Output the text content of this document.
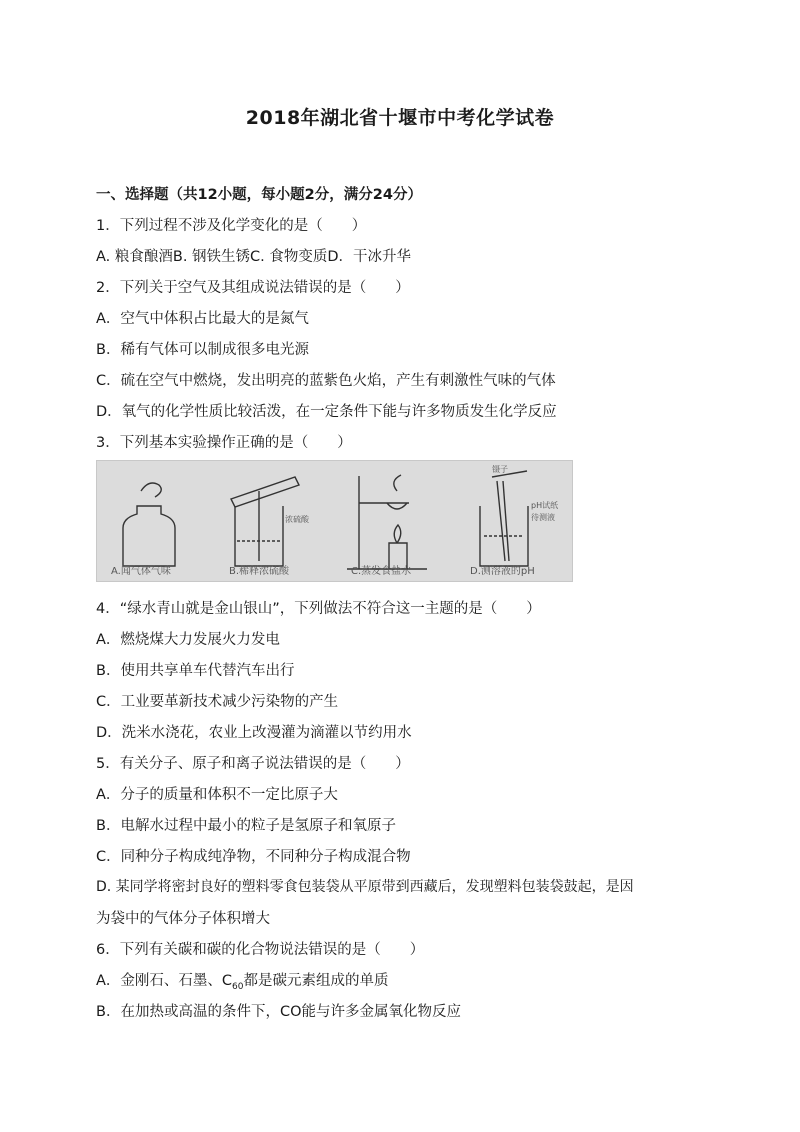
2018年湖北省十堰市中考化学试卷
一、选择题（共12小题，每小题2分，满分24分）
1．下列过程不涉及化学变化的是（　　）
A. 粮食酿酒B. 钢铁生锈C. 食物变质D．干冰升华
2．下列关于空气及其组成说法错误的是（　　）
A．空气中体积占比最大的是氮气
B．稀有气体可以制成很多电光源
C．硫在空气中燃烧，发出明亮的蓝紫色火焰，产生有刺激性气味的气体
D．氧气的化学性质比较活泼，在一定条件下能与许多物质发生化学反应
3．下列基本实验操作正确的是（　　）
A.闻气体气味	B.稀释浓硫酸	C.蒸发食盐水	D.测溶液的pH
浓硫酸
镊子
pH试纸
待测液
4．“绿水青山就是金山银山”，下列做法不符合这一主题的是（　　）
A．燃烧煤大力发展火力发电
B．使用共享单车代替汽车出行
C．工业要革新技术减少污染物的产生
D．洗米水浇花，农业上改漫灌为滴灌以节约用水
5．有关分子、原子和离子说法错误的是（　　）
A．分子的质量和体积不一定比原子大
B．电解水过程中最小的粒子是氢原子和氧原子
C．同种分子构成纯净物，不同种分子构成混合物
D. 某同学将密封良好的塑料零食包装袋从平原带到西藏后，发现塑料包装袋鼓起，是因
为袋中的气体分子体积增大
6．下列有关碳和碳的化合物说法错误的是（　　）
A．金刚石、石墨、$C_{60}$都是碳元素组成的单质
B．在加热或高温的条件下，CO能与许多金属氧化物反应
